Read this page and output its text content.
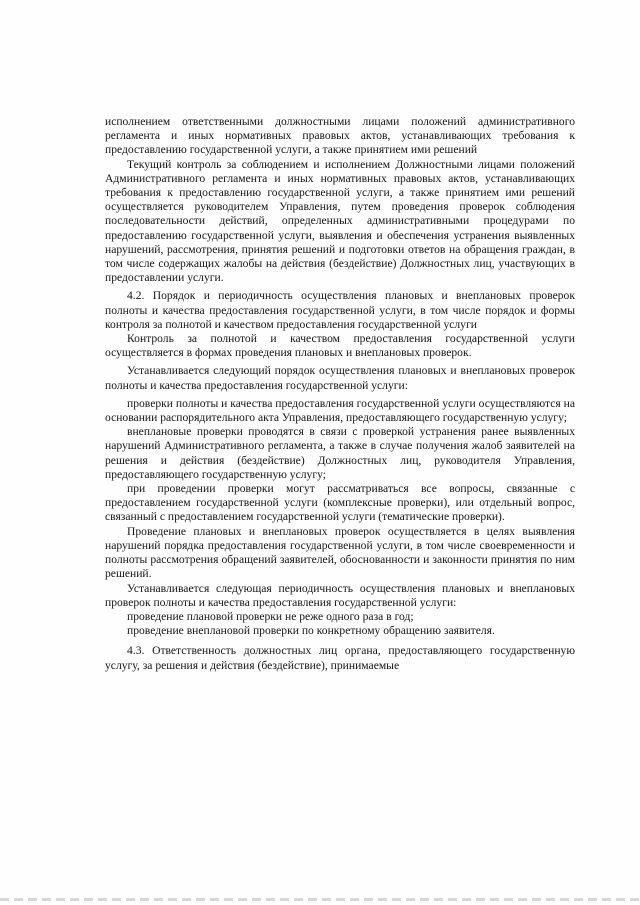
исполнением ответственными должностными лицами положений административного регламента и иных нормативных правовых актов, устанавливающих требования к предоставлению государственной услуги, а также принятием ими решений

Текущий контроль за соблюдением и исполнением Должностными лицами положений Административного регламента и иных нормативных правовых актов, устанавливающих требования к предоставлению государственной услуги, а также принятием ими решений осуществляется руководителем Управления, путем проведения проверок соблюдения последовательности действий, определенных административными процедурами по предоставлению государственной услуги, выявления и обеспечения устранения выявленных нарушений, рассмотрения, принятия решений и подготовки ответов на обращения граждан, в том числе содержащих жалобы на действия (бездействие) Должностных лиц, участвующих в предоставлении услуги.

4.2. Порядок и периодичность осуществления плановых и внеплановых проверок полноты и качества предоставления государственной услуги, в том числе порядок и формы контроля за полнотой и качеством предоставления государственной услуги

Контроль за полнотой и качеством предоставления государственной услуги осуществляется в формах проведения плановых и внеплановых проверок.

Устанавливается следующий порядок осуществления плановых и внеплановых проверок полноты и качества предоставления государственной услуги:

проверки полноты и качества предоставления государственной услуги осуществляются на основании распорядительного акта Управления, предоставляющего государственную услугу;

внеплановые проверки проводятся в связи с проверкой устранения ранее выявленных нарушений Административного регламента, а также в случае получения жалоб заявителей на решения и действия (бездействие) Должностных лиц, руководителя Управления, предоставляющего государственную услугу;

при проведении проверки могут рассматриваться все вопросы, связанные с предоставлением государственной услуги (комплексные проверки), или отдельный вопрос, связанный с предоставлением государственной услуги (тематические проверки).

Проведение плановых и внеплановых проверок осуществляется в целях выявления нарушений порядка предоставления государственной услуги, в том числе своевременности и полноты рассмотрения обращений заявителей, обоснованности и законности принятия по ним решений.

Устанавливается следующая периодичность осуществления плановых и внеплановых проверок полноты и качества предоставления государственной услуги:

проведение плановой проверки не реже одного раза в год;

проведение внеплановой проверки по конкретному обращению заявителя.

4.3. Ответственность должностных лиц органа, предоставляющего государственную услугу, за решения и действия (бездействие), принимаемые
